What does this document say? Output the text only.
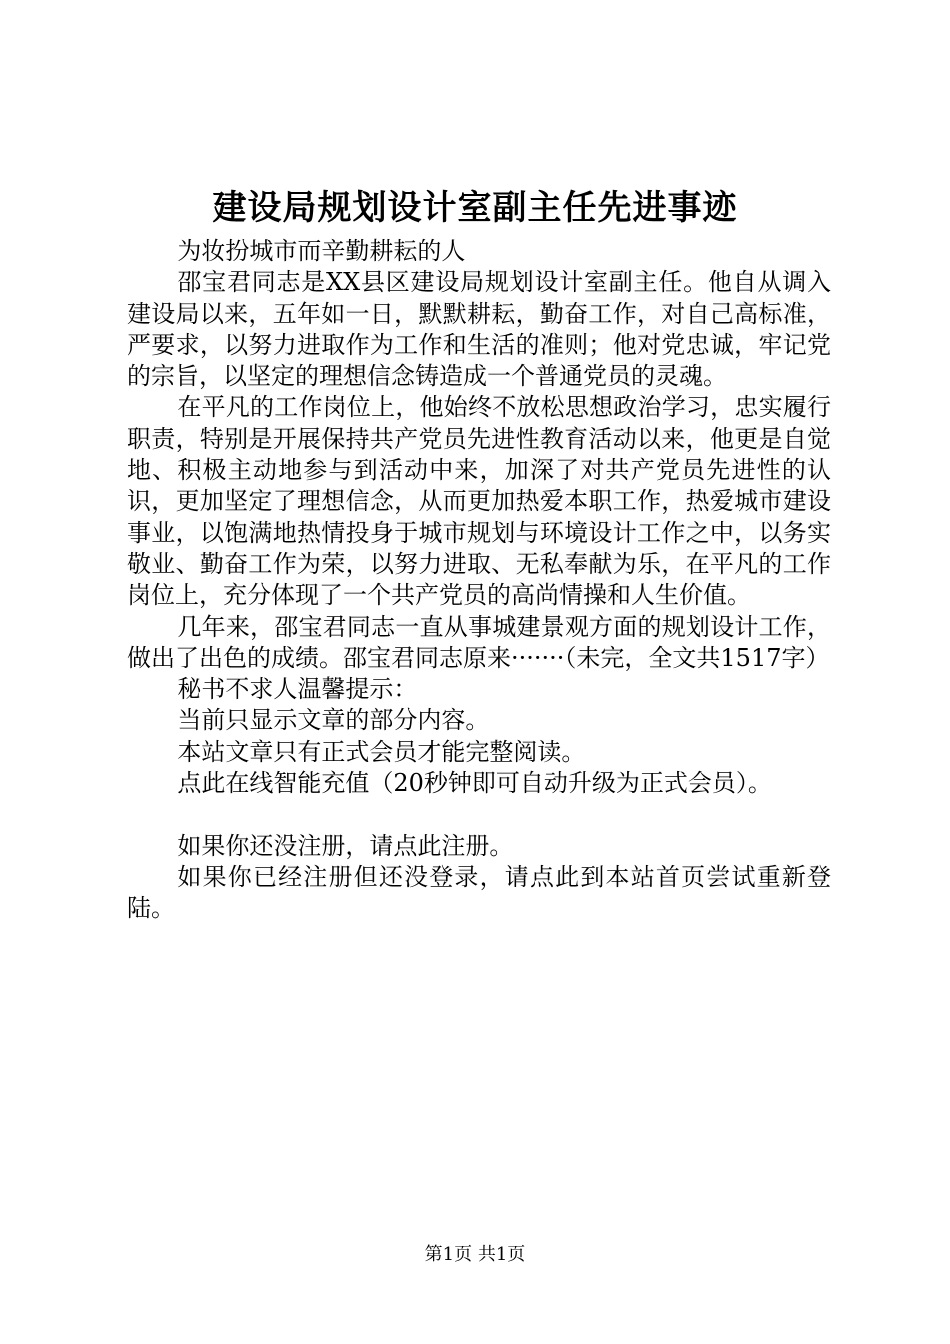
建设局规划设计室副主任先进事迹

为妆扮城市而辛勤耕耘的人

邵宝君同志是XX县区建设局规划设计室副主任。他自从调入建设局以来，五年如一日，默默耕耘，勤奋工作，对自己高标准，严要求，以努力进取作为工作和生活的准则；他对党忠诚，牢记党的宗旨，以坚定的理想信念铸造成一个普通党员的灵魂。

在平凡的工作岗位上，他始终不放松思想政治学习，忠实履行职责，特别是开展保持共产党员先进性教育活动以来，他更是自觉地、积极主动地参与到活动中来，加深了对共产党员先进性的认识，更加坚定了理想信念，从而更加热爱本职工作，热爱城市建设事业，以饱满地热情投身于城市规划与环境设计工作之中，以务实敬业、勤奋工作为荣，以努力进取、无私奉献为乐，在平凡的工作岗位上，充分体现了一个共产党员的高尚情操和人生价值。

几年来，邵宝君同志一直从事城建景观方面的规划设计工作，做出了出色的成绩。邵宝君同志原来·······（未完，全文共1517字）

秘书不求人温馨提示：

当前只显示文章的部分内容。

本站文章只有正式会员才能完整阅读。

点此在线智能充值（20秒钟即可自动升级为正式会员）。

如果你还没注册，请点此注册。

如果你已经注册但还没登录，请点此到本站首页尝试重新登陆。

第1页 共1页
